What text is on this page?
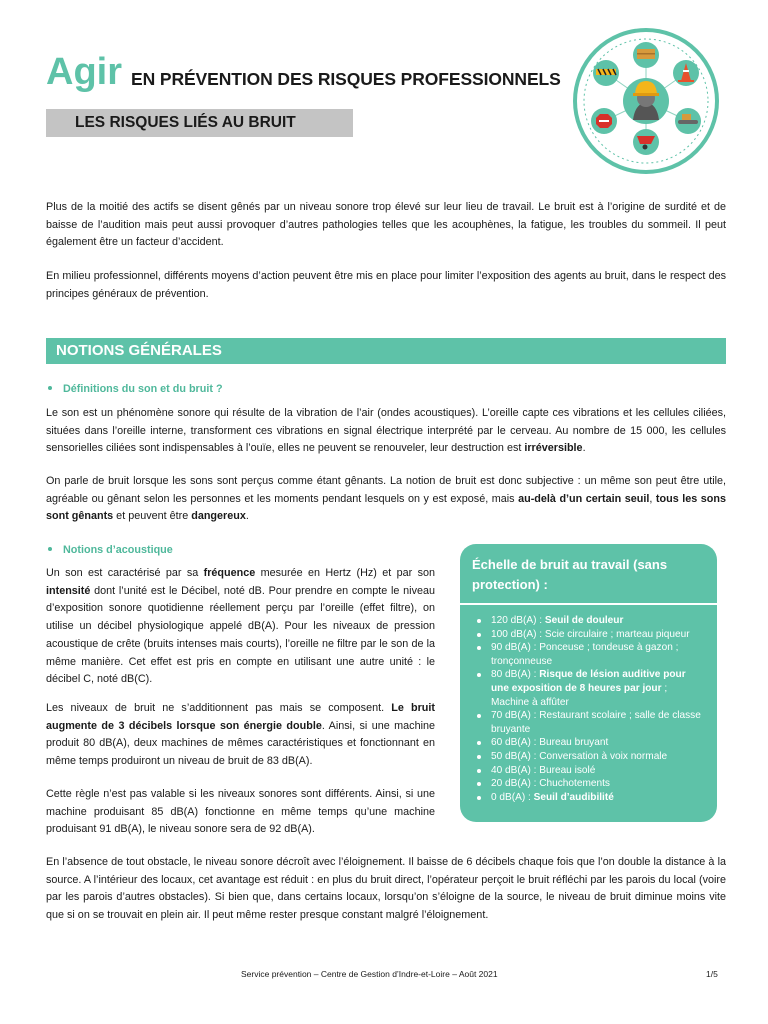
Agir EN PRÉVENTION DES RISQUES PROFESSIONNELS
LES RISQUES LIÉS AU BRUIT

Plus de la moitié des actifs se disent gênés par un niveau sonore trop élevé sur leur lieu de travail. Le bruit est à l’origine de surdité et de baisse de l’audition mais peut aussi provoquer d’autres pathologies telles que les acouphènes, la fatigue, les troubles du sommeil. Il peut également être un facteur d’accident.

En milieu professionnel, différents moyens d’action peuvent être mis en place pour limiter l’exposition des agents au bruit, dans le respect des principes généraux de prévention.

NOTIONS GÉNÉRALES
Définitions du son et du bruit ?

Le son est un phénomène sonore qui résulte de la vibration de l’air (ondes acoustiques). L’oreille capte ces vibrations et les cellules ciliées, situées dans l’oreille interne, transforment ces vibrations en signal électrique interprété par le cerveau. Au nombre de 15 000, les cellules sensorielles ciliées sont indispensables à l’ouïe, elles ne peuvent se renouveler, leur destruction est irréversible.

On parle de bruit lorsque les sons sont perçus comme étant gênants. La notion de bruit est donc subjective : un même son peut être utile, agréable ou gênant selon les personnes et les moments pendant lesquels on y est exposé, mais au-delà d’un certain seuil, tous les sons sont gênants et peuvent être dangereux.

Notions d’acoustique

Un son est caractérisé par sa fréquence mesurée en Hertz (Hz) et par son intensité dont l’unité est le Décibel, noté dB. Pour prendre en compte le niveau d’exposition sonore quotidienne réellement perçu par l’oreille (effet filtre), on utilise un décibel physiologique appelé dB(A). Pour les niveaux de pression acoustique de crête (bruits intenses mais courts), l’oreille ne filtre par le son de la même manière. Cet effet est pris en compte en utilisant une autre unité : le décibel C, noté dB(C).

Les niveaux de bruit ne s’additionnent pas mais se composent. Le bruit augmente de 3 décibels lorsque son énergie double. Ainsi, si une machine produit 80 dB(A), deux machines de mêmes caractéristiques et fonctionnant en même temps produiront un niveau de bruit de 83 dB(A).

Cette règle n’est pas valable si les niveaux sonores sont différents. Ainsi, si une machine produisant 85 dB(A) fonctionne en même temps qu’une machine produisant 91 dB(A), le niveau sonore sera de 92 dB(A).

Échelle de bruit au travail (sans protection) :
120 dB(A) : Seuil de douleur
100 dB(A) : Scie circulaire ; marteau piqueur
90 dB(A) : Ponceuse ; tondeuse à gazon ; tronçonneuse
80 dB(A) : Risque de lésion auditive pour une exposition de 8 heures par jour ; Machine à affûter
70 dB(A) : Restaurant scolaire ; salle de classe bruyante
60 dB(A) : Bureau bruyant
50 dB(A) : Conversation à voix normale
40 dB(A) : Bureau isolé
20 dB(A) : Chuchotements
0 dB(A) : Seuil d’audibilité

En l’absence de tout obstacle, le niveau sonore décroît avec l’éloignement. Il baisse de 6 décibels chaque fois que l’on double la distance à la source. A l’intérieur des locaux, cet avantage est réduit : en plus du bruit direct, l’opérateur perçoit le bruit réfléchi par les parois du local (voire par les parois d’autres obstacles). Si bien que, dans certains locaux, lorsqu’on s’éloigne de la source, le niveau de bruit diminue moins vite que si on se trouvait en plein air. Il peut même rester presque constant malgré l’éloignement.

Service prévention – Centre de Gestion d’Indre-et-Loire – Août 2021	1/5
